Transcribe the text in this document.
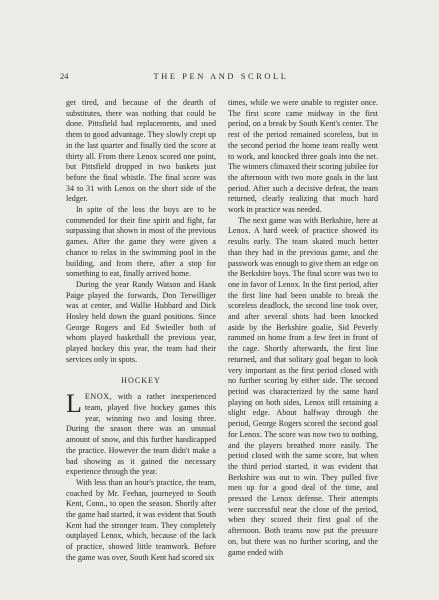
24	THE PEN AND SCROLL

get tired, and because of the dearth of substitutes, there was nothing that could be done. Pittsfield had replacements, and used them to good advantage. They slowly crept up in the last quarter and finally tied the score at thirty all. From there Lenox scored one point, but Pittsfield dropped in two baskets just before the final whistle. The final score was 34 to 31 with Lenox on the short side of the ledger.

In spite of the loss the boys are to be commended for their fine spirit and fight, far surpassing that shown in most of the previous games. After the game they were given a chance to relax in the swimming pool in the building, and from there, after a stop for something to eat, finally arrived home.

During the year Randy Watson and Hank Paige played the forwards, Don Terwilliger was at center, and Wallie Hubbard and Dick Hosley held down the guard positions. Since George Rogers and Ed Swiedler both of whom played basketball the previous year, played hockey this year, the team had their services only in spots.

HOCKEY

LENOX, with a rather inexperienced team, played five hockey games this year, winning two and losing three. During the season there was an unusual amount of snow, and this further handicapped the practice. However the team didn't make a bad showing as it gained the necessary experience through the year.

With less than an hour's practice, the team, coached by Mr. Feehan, journeyed to South Kent, Conn., to open the season. Shortly after the game had started, it was evident that South Kent had the stronger team. They completely outplayed Lenox, which, because of the lack of practice, showed little teamwork. Before the game was over, South Kent had scored six

times, while we were unable to register once. The first score came midway in the first period, on a break by South Kent's center. The rest of the period remained scoreless, but in the second period the home team really went to work, and knocked three goals into the net. The winners climaxed their scoring jubilee for the afternoon with two more goals in the last period. After such a decisive defeat, the team returned, clearly realizing that much hard work in practice was needed.

The next game was with Berkshire, here at Lenox. A hard week of practice showed its results early. The team skated much better than they had in the previous game, and the passwork was enough to give them an edge on the Berkshire boys. The final score was two to one in favor of Lenox. In the first period, after the first line had been unable to break the scoreless deadlock, the second line took over, and after several shots had been knocked aside by the Berkshire goalie, Sid Peverly rammed on home from a few feet in front of the cage. Shortly afterwards, the first line returned, and that solitary goal began to look very important as the first period closed with no further scoring by either side. The second period was characterized by the same hard playing on both sides, Lenox still retaining a slight edge. About halfway through the period, George Rogers scored the second goal for Lenox. The score was now two to nothing, and the players breathed more easily. The period closed with the same score, but when the third period started, it was evident that Berkshire was out to win. They pulled five men up for a good deal of the time, and pressed the Lenox defense. Their attempts were successful near the close of the period, when they scored their first goal of the afternoon. Both teams now put the pressure on, but there was no further scoring, and the game ended with
